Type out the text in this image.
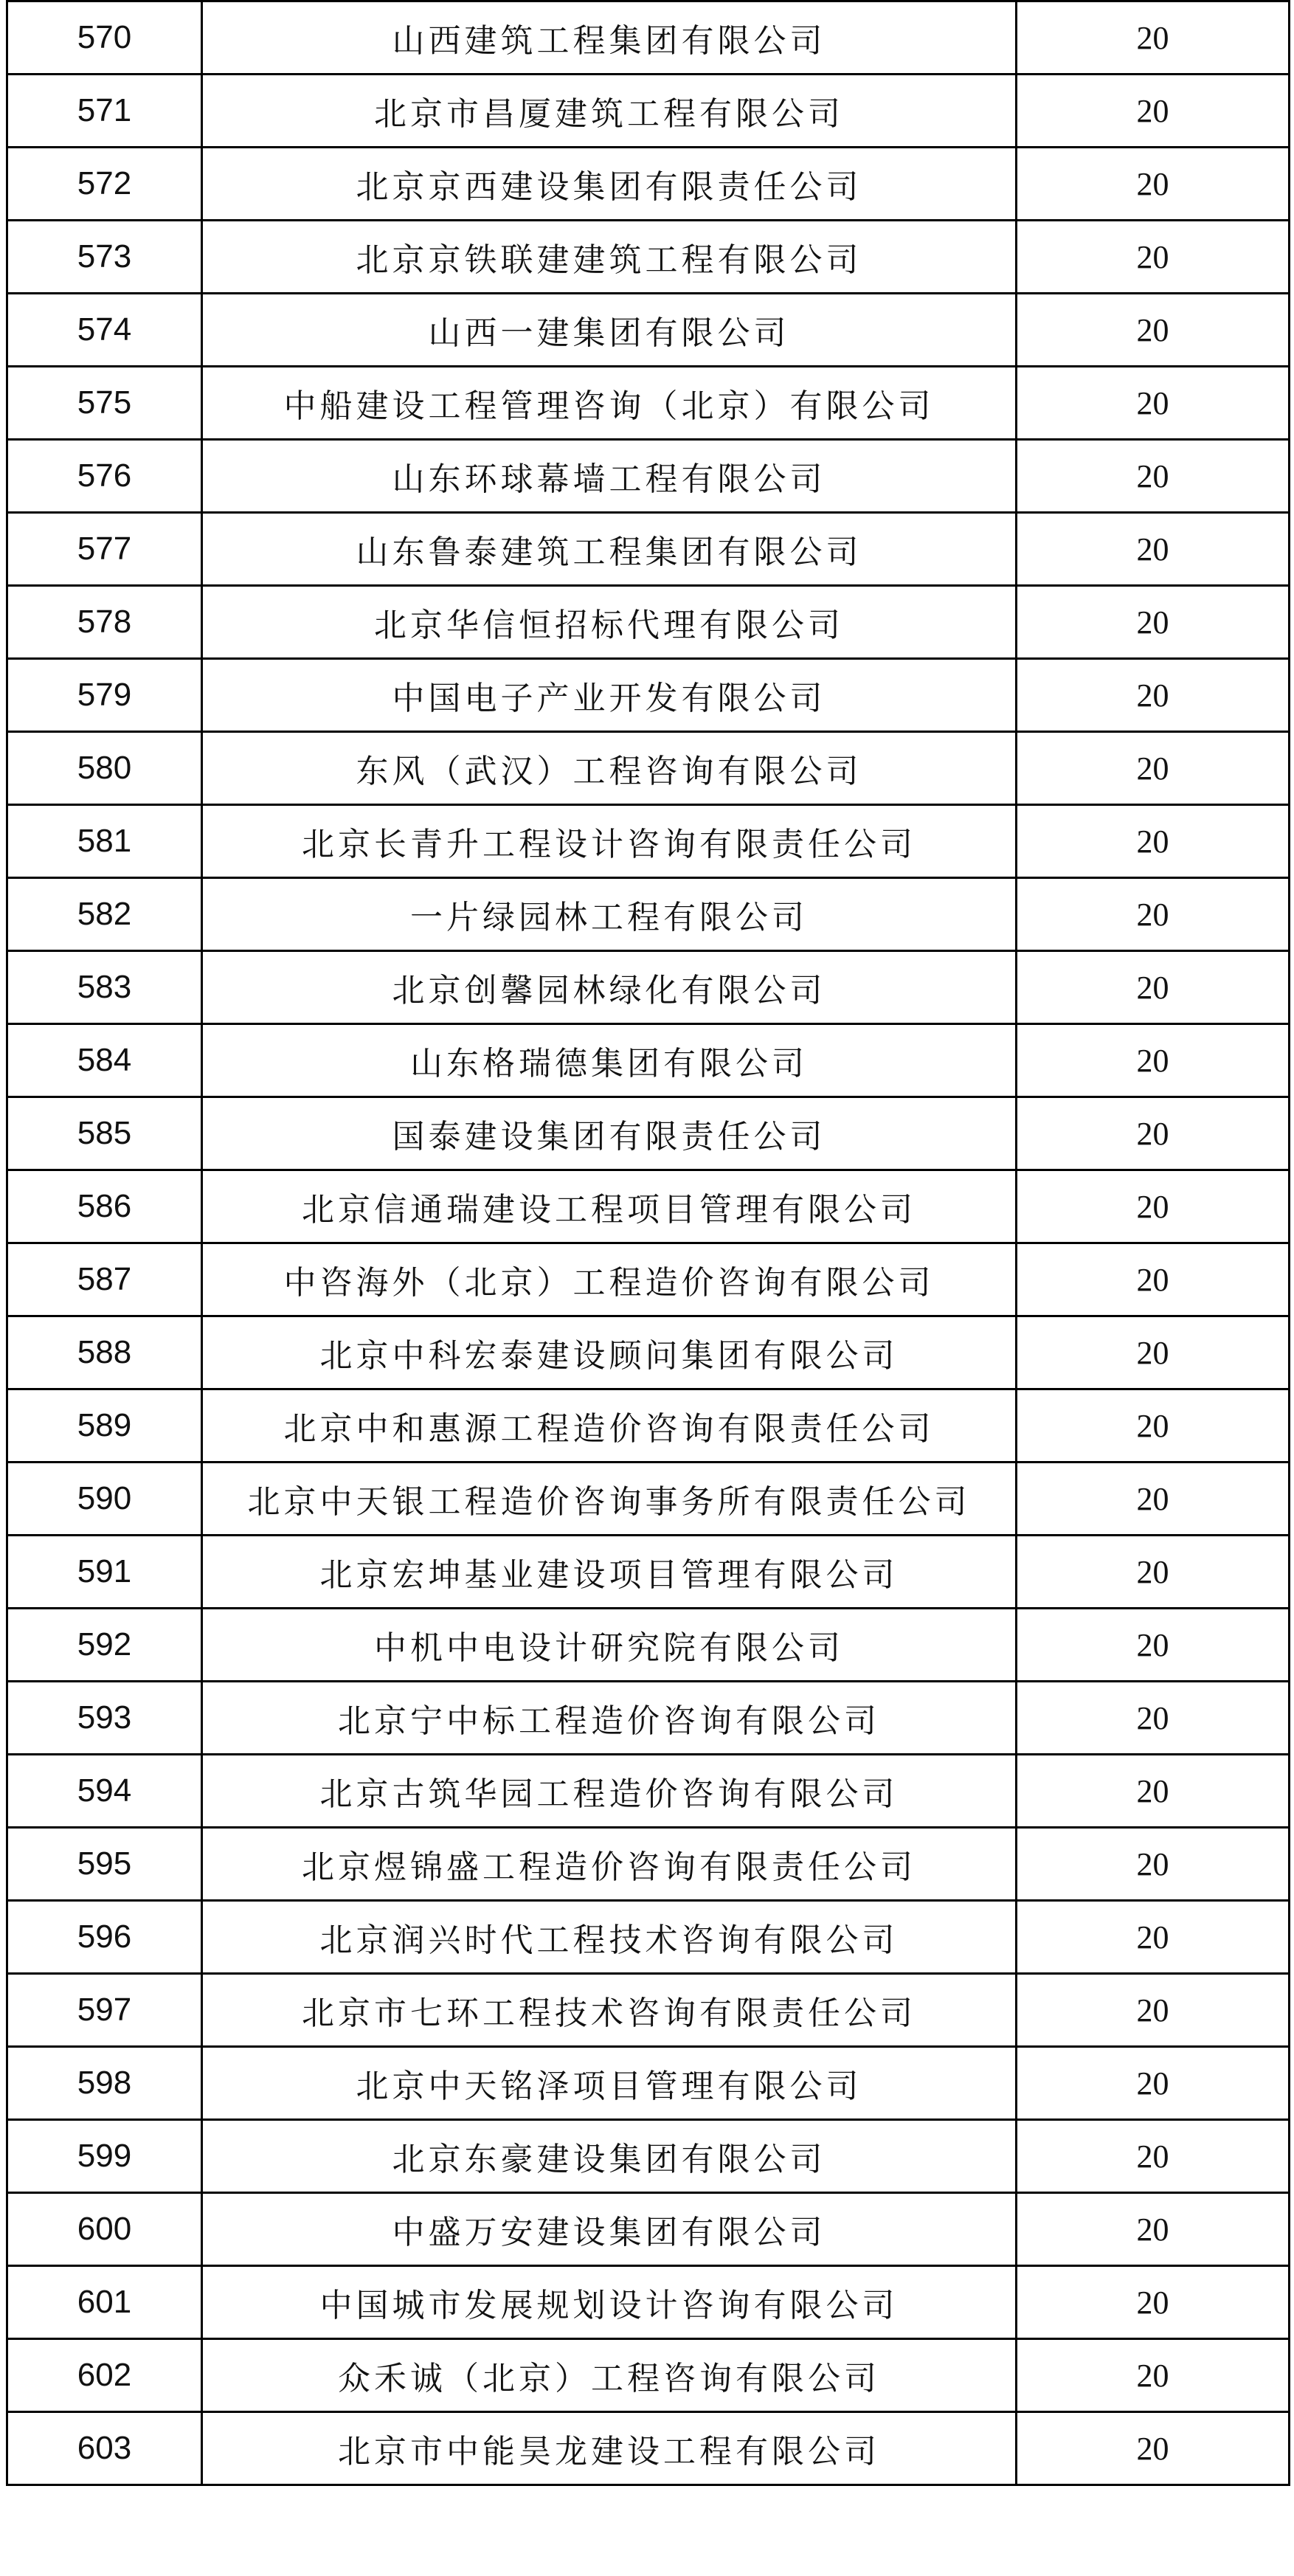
570	山西建筑工程集团有限公司	20
571	北京市昌厦建筑工程有限公司	20
572	北京京西建设集团有限责任公司	20
573	北京京铁联建建筑工程有限公司	20
574	山西一建集团有限公司	20
575	中船建设工程管理咨询（北京）有限公司	20
576	山东环球幕墙工程有限公司	20
577	山东鲁泰建筑工程集团有限公司	20
578	北京华信恒招标代理有限公司	20
579	中国电子产业开发有限公司	20
580	东风（武汉）工程咨询有限公司	20
581	北京长青升工程设计咨询有限责任公司	20
582	一片绿园林工程有限公司	20
583	北京创馨园林绿化有限公司	20
584	山东格瑞德集团有限公司	20
585	国泰建设集团有限责任公司	20
586	北京信通瑞建设工程项目管理有限公司	20
587	中咨海外（北京）工程造价咨询有限公司	20
588	北京中科宏泰建设顾问集团有限公司	20
589	北京中和惠源工程造价咨询有限责任公司	20
590	北京中天银工程造价咨询事务所有限责任公司	20
591	北京宏坤基业建设项目管理有限公司	20
592	中机中电设计研究院有限公司	20
593	北京宁中标工程造价咨询有限公司	20
594	北京古筑华园工程造价咨询有限公司	20
595	北京煜锦盛工程造价咨询有限责任公司	20
596	北京润兴时代工程技术咨询有限公司	20
597	北京市七环工程技术咨询有限责任公司	20
598	北京中天铭泽项目管理有限公司	20
599	北京东豪建设集团有限公司	20
600	中盛万安建设集团有限公司	20
601	中国城市发展规划设计咨询有限公司	20
602	众禾诚（北京）工程咨询有限公司	20
603	北京市中能昊龙建设工程有限公司	20
